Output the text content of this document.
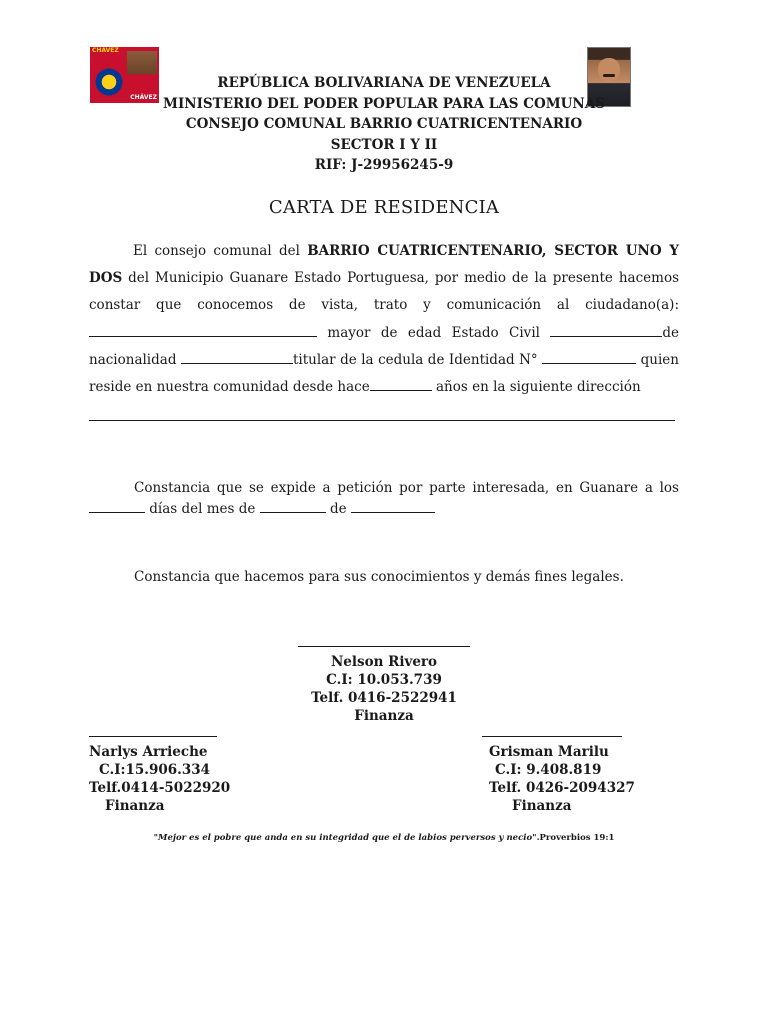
CHÁVEZ
CHÁVEZ
REPÚBLICA BOLIVARIANA DE VENEZUELA
MINISTERIO DEL PODER POPULAR PARA LAS COMUNAS
CONSEJO COMUNAL BARRIO CUATRICENTENARIO
SECTOR I Y II
RIF: J-29956245-9
CARTA DE RESIDENCIA
El consejo comunal del BARRIO CUATRICENTENARIO, SECTOR UNO Y DOS del Municipio Guanare Estado Portuguesa, por medio de la presente hacemos constar que conocemos de vista, trato y comunicación al ciudadano(a):  mayor de edad Estado Civil	de nacionalidad	titular de la cedula de Identidad N°	quien reside en nuestra comunidad desde hace	años en la siguiente dirección
Constancia que se expide a petición por parte interesada, en Guanare a los  días del mes de	de
Constancia que hacemos para sus conocimientos y demás fines legales.
Nelson Rivero
C.I: 10.053.739
Telf. 0416-2522941
Finanza
Narlys Arrieche
C.I:15.906.334
Telf.0414-5022920
Finanza
Grisman Marilu
C.I: 9.408.819
Telf. 0426-2094327
Finanza
"Mejor es el pobre que anda en su integridad que el de labios perversos y necio".Proverbios 19:1
